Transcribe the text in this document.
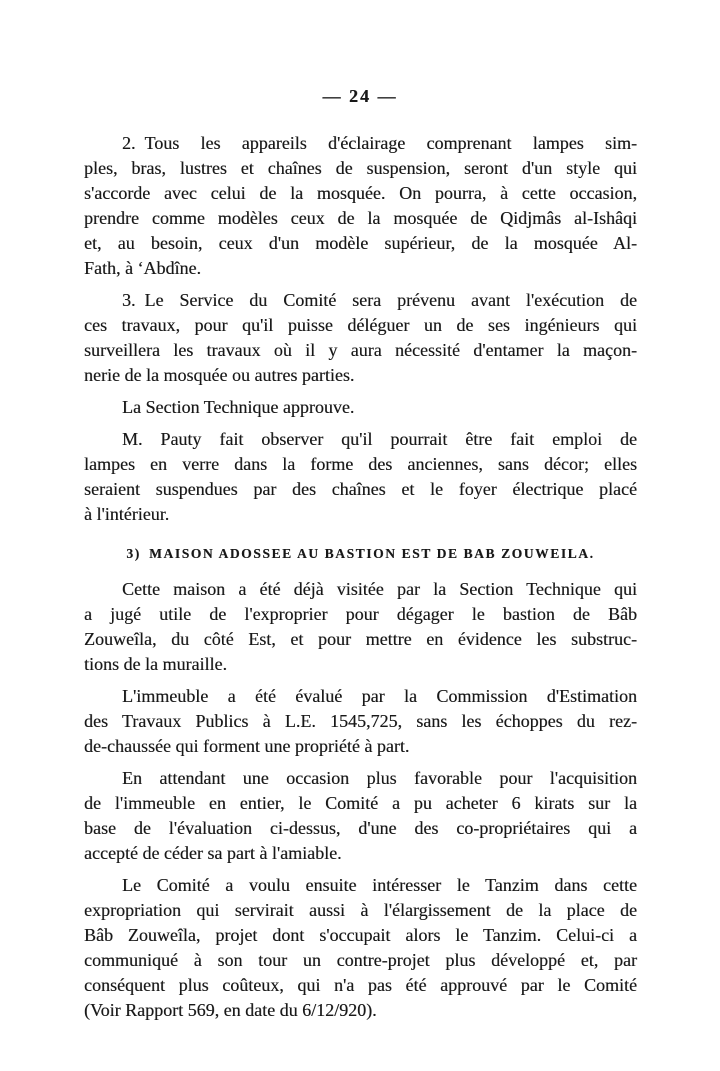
— 24 —
2. Tous les appareils d'éclairage comprenant lampes sim-
ples, bras, lustres et chaînes de suspension, seront d'un style qui
s'accorde avec celui de la mosquée. On pourra, à cette occasion,
prendre comme modèles ceux de la mosquée de Qidjmâs al-Ishâqi
et, au besoin, ceux d'un modèle supérieur, de la mosquée Al-
Fath, à ‘Abdîne.
3. Le Service du Comité sera prévenu avant l'exécution de
ces travaux, pour qu'il puisse déléguer un de ses ingénieurs qui
surveillera les travaux où il y aura nécessité d'entamer la maçon-
nerie de la mosquée ou autres parties.
La Section Technique approuve.
M. Pauty fait observer qu'il pourrait être fait emploi de
lampes en verre dans la forme des anciennes, sans décor; elles
seraient suspendues par des chaînes et le foyer électrique placé
à l'intérieur.
3) MAISON ADOSSEE AU BASTION EST DE BAB ZOUWEILA.
Cette maison a été déjà visitée par la Section Technique qui
a jugé utile de l'exproprier pour dégager le bastion de Bâb
Zouweîla, du côté Est, et pour mettre en évidence les substruc-
tions de la muraille.
L'immeuble a été évalué par la Commission d'Estimation
des Travaux Publics à L.E. 1545,725, sans les échoppes du rez-
de-chaussée qui forment une propriété à part.
En attendant une occasion plus favorable pour l'acquisition
de l'immeuble en entier, le Comité a pu acheter 6 kirats sur la
base de l'évaluation ci-dessus, d'une des co-propriétaires qui a
accepté de céder sa part à l'amiable.
Le Comité a voulu ensuite intéresser le Tanzim dans cette
expropriation qui servirait aussi à l'élargissement de la place de
Bâb Zouweîla, projet dont s'occupait alors le Tanzim. Celui-ci a
communiqué à son tour un contre-projet plus développé et, par
conséquent plus coûteux, qui n'a pas été approuvé par le Comité
(Voir Rapport 569, en date du 6/12/920).
